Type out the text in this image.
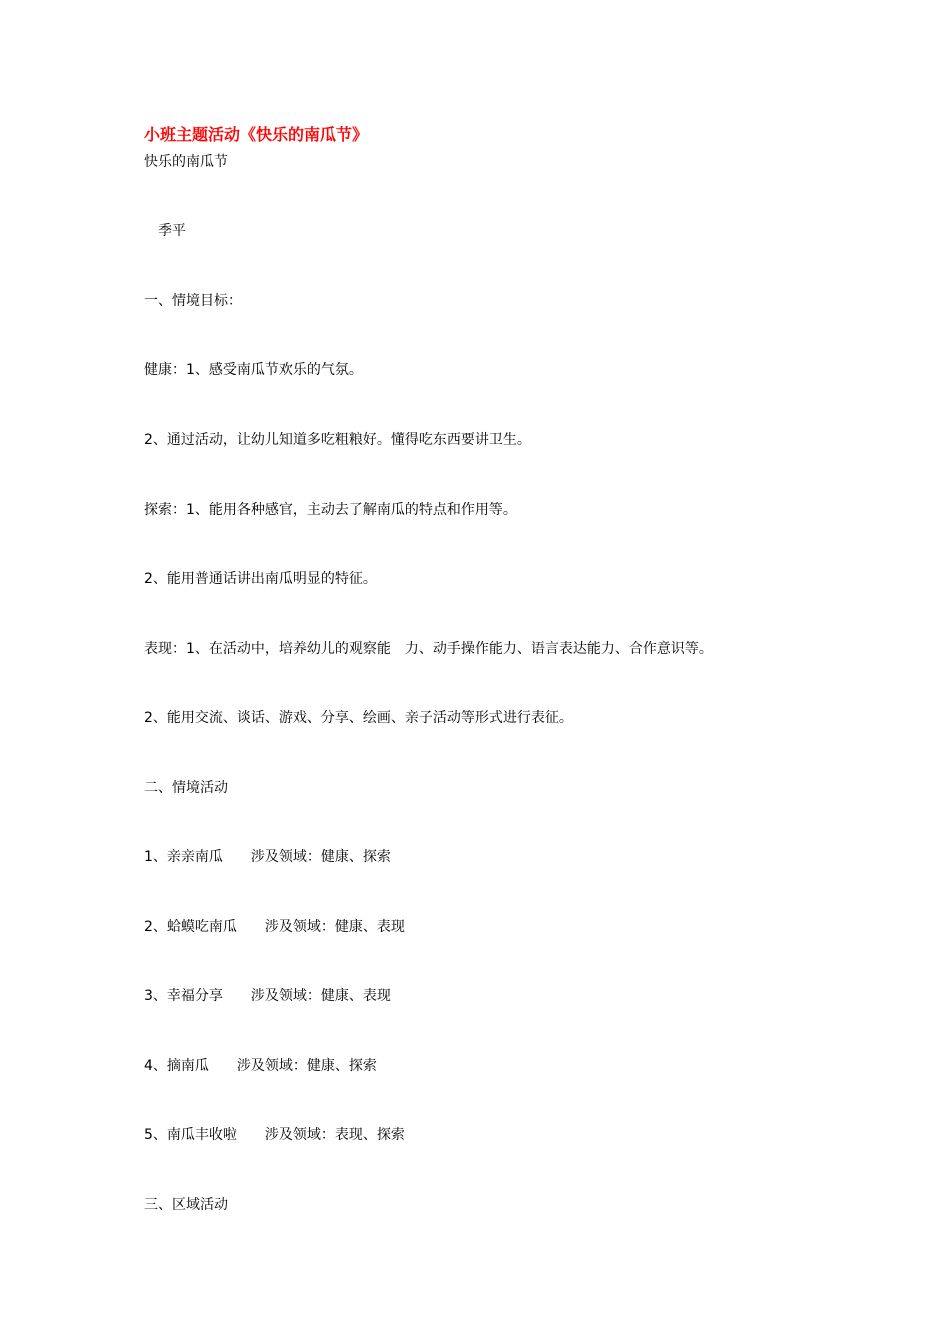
小班主题活动《快乐的南瓜节》
快乐的南瓜节
　季平
一、情境目标：
健康：1、感受南瓜节欢乐的气氛。
2、通过活动，让幼儿知道多吃粗粮好。懂得吃东西要讲卫生。
探索：1、能用各种感官，主动去了解南瓜的特点和作用等。
2、能用普通话讲出南瓜明显的特征。
表现：1、在活动中，培养幼儿的观察能　力、动手操作能力、语言表达能力、合作意识等。
2、能用交流、谈话、游戏、分享、绘画、亲子活动等形式进行表征。
二、情境活动
1、亲亲南瓜　　涉及领域：健康、探索
2、蛤蟆吃南瓜　　涉及领域：健康、表现
3、幸福分享　　涉及领域：健康、表现
4、摘南瓜　　涉及领域：健康、探索
5、南瓜丰收啦　　涉及领域：表现、探索
三、区域活动
